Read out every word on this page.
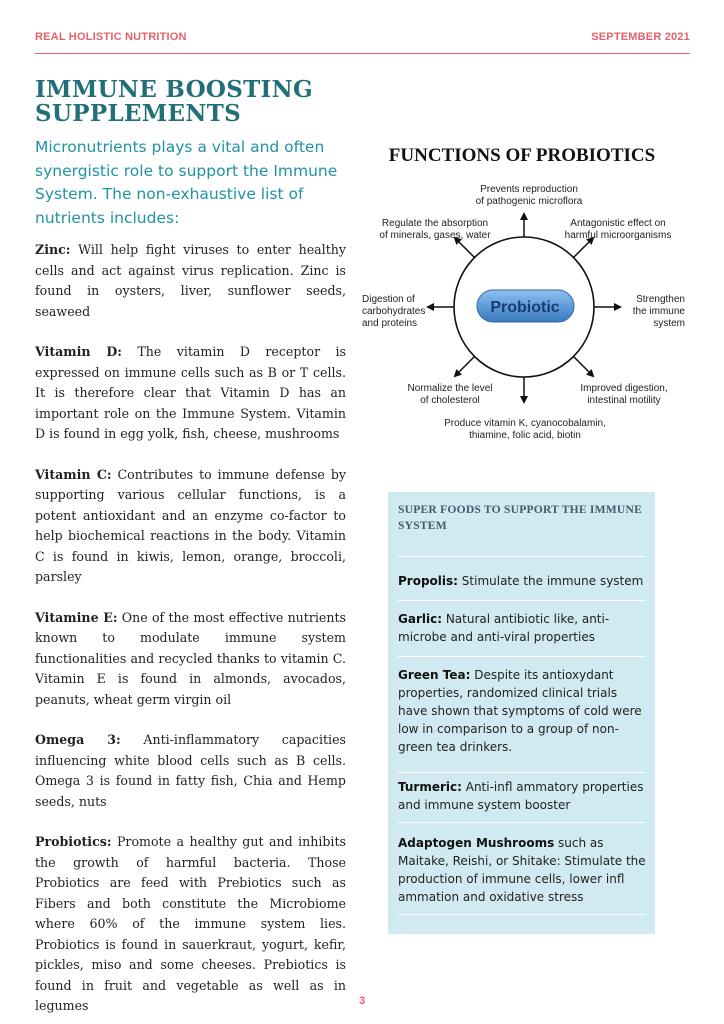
REAL HOLISTIC NUTRITION	SEPTEMBER 2021
IMMUNE BOOSTING SUPPLEMENTS
Micronutrients plays a vital and often synergistic role to support the Immune System. The non-exhaustive list of nutrients includes:

Zinc: Will help fight viruses to enter healthy cells and act against virus replication. Zinc is found in oysters, liver, sunflower seeds, seaweed

Vitamin D: The vitamin D receptor is expressed on immune cells such as B or T cells. It is therefore clear that Vitamin D has an important role on the Immune System. Vitamin D is found in egg yolk, fish, cheese, mushrooms

Vitamin C: Contributes to immune defense by supporting various cellular functions, is a potent antioxidant and an enzyme co-factor to help biochemical reactions in the body. Vitamin C is found in kiwis, lemon, orange, broccoli, parsley

Vitamine E: One of the most effective nutrients known to modulate immune system functionalities and recycled thanks to vitamin C. Vitamin E is found in almonds, avocados, peanuts, wheat germ virgin oil

Omega 3: Anti-inflammatory capacities influencing white blood cells such as B cells. Omega 3 is found in fatty fish, Chia and Hemp seeds, nuts

Probiotics: Promote a healthy gut and inhibits the growth of harmful bacteria. Those Probiotics are feed with Prebiotics such as Fibers and both constitute the Microbiome where 60% of the immune system lies. Probiotics is found in sauerkraut, yogurt, kefir, pickles, miso and some cheeses. Prebiotics is found in fruit and vegetable as well as in legumes

FUNCTIONS OF PROBIOTICS
Probiotic
Prevents reproduction
of pathogenic microflora
Antagonistic effect on
harmful microorganisms
Strengthen
the immune
system
Improved digestion,
intestinal motility
Produce vitamin K, cyanocobalamin,
thiamine, folic acid, biotin
Normalize the level
of cholesterol
Digestion of
carbohydrates
and proteins
Regulate the absorption
of minerals, gases, water
SUPER FOODS TO SUPPORT THE IMMUNE SYSTEM
Propolis: Stimulate the immune system
Garlic: Natural antibiotic like, anti-microbe and anti-viral properties
Green Tea: Despite its antioxydant properties, randomized clinical trials have shown that symptoms of cold were low in comparison to a group of non-green tea drinkers.
Turmeric: Anti-infl ammatory properties and immune system booster
Adaptogen Mushrooms such as Maitake, Reishi, or Shitake: Stimulate the production of immune cells, lower infl ammation and oxidative stress
3
